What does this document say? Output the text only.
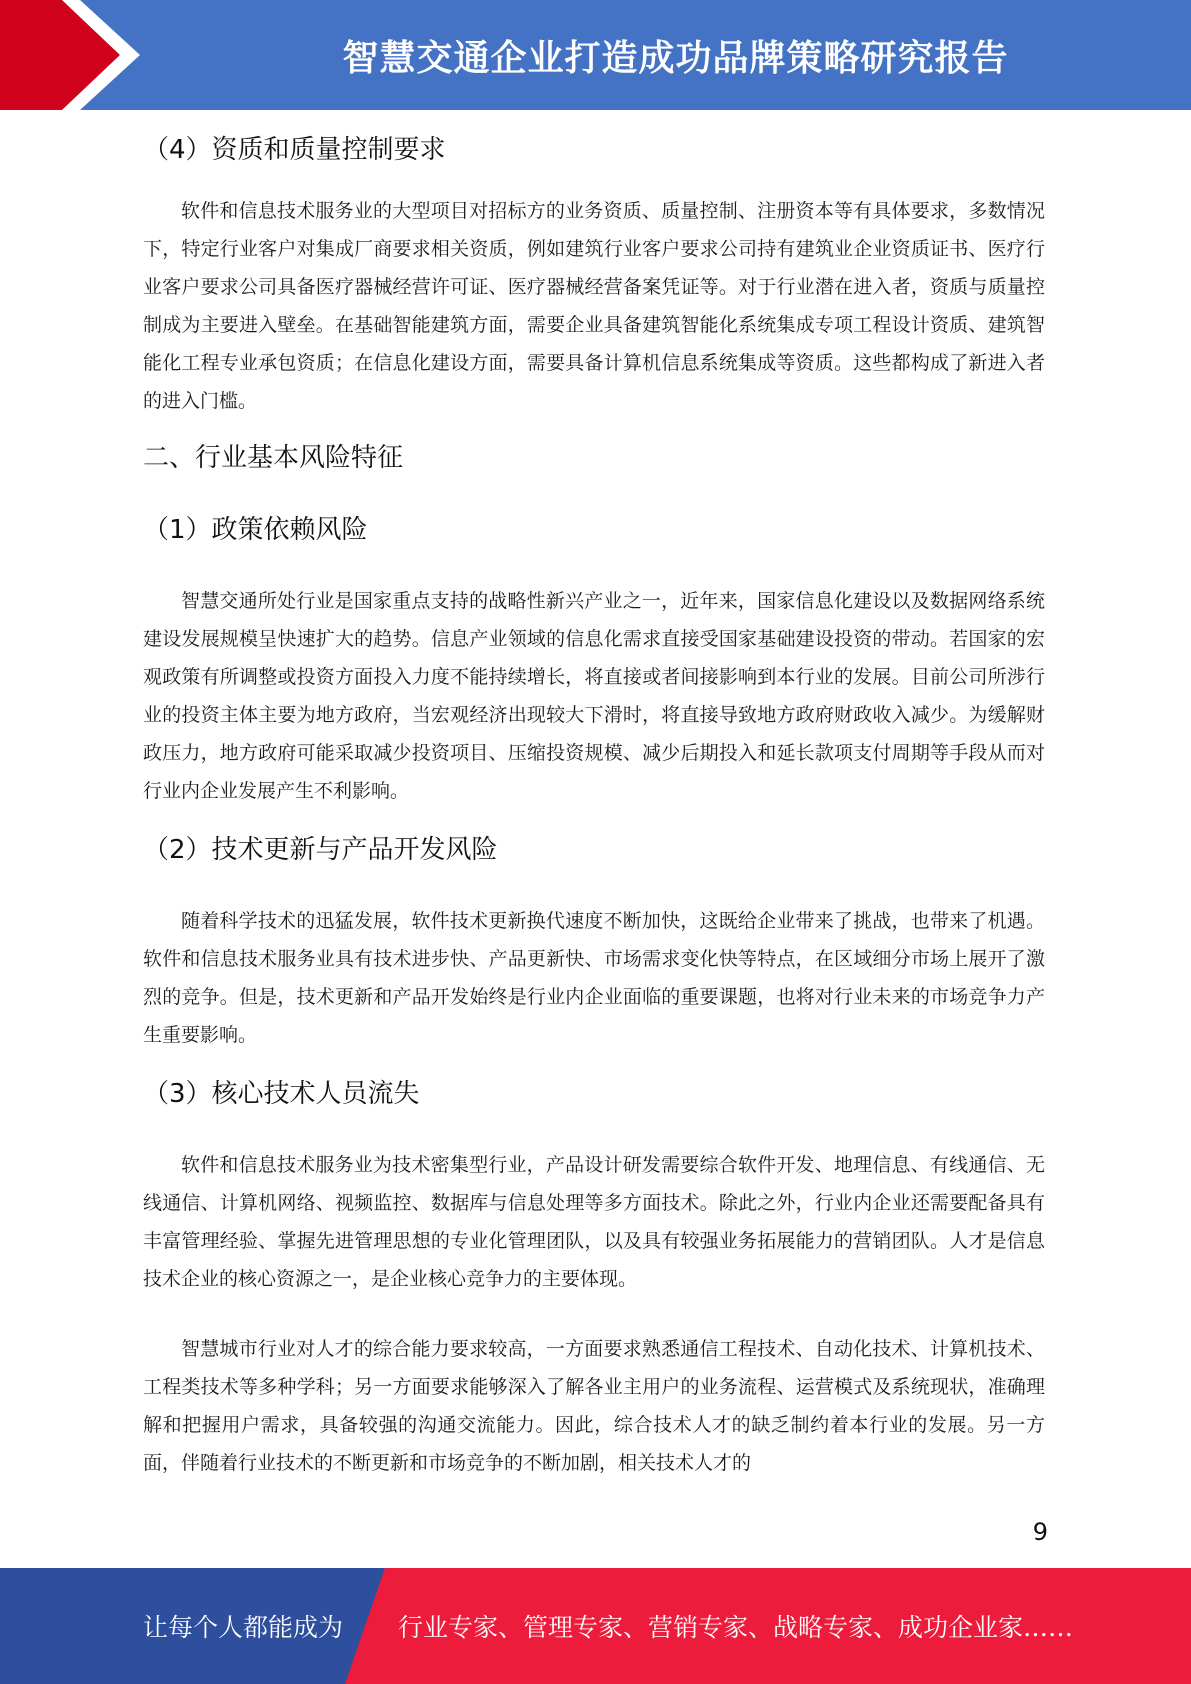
智慧交通企业打造成功品牌策略研究报告
（4）资质和质量控制要求

软件和信息技术服务业的大型项目对招标方的业务资质、质量控制、注册资本等有具体要求，多数情况下，特定行业客户对集成厂商要求相关资质，例如建筑行业客户要求公司持有建筑业企业资质证书、医疗行业客户要求公司具备医疗器械经营许可证、医疗器械经营备案凭证等。对于行业潜在进入者，资质与质量控制成为主要进入壁垒。在基础智能建筑方面，需要企业具备建筑智能化系统集成专项工程设计资质、建筑智能化工程专业承包资质；在信息化建设方面，需要具备计算机信息系统集成等资质。这些都构成了新进入者的进入门槛。

二、行业基本风险特征
（1）政策依赖风险

智慧交通所处行业是国家重点支持的战略性新兴产业之一，近年来，国家信息化建设以及数据网络系统建设发展规模呈快速扩大的趋势。信息产业领域的信息化需求直接受国家基础建设投资的带动。若国家的宏观政策有所调整或投资方面投入力度不能持续增长，将直接或者间接影响到本行业的发展。目前公司所涉行业的投资主体主要为地方政府，当宏观经济出现较大下滑时，将直接导致地方政府财政收入减少。为缓解财政压力，地方政府可能采取减少投资项目、压缩投资规模、减少后期投入和延长款项支付周期等手段从而对行业内企业发展产生不利影响。

（2）技术更新与产品开发风险

随着科学技术的迅猛发展，软件技术更新换代速度不断加快，这既给企业带来了挑战，也带来了机遇。软件和信息技术服务业具有技术进步快、产品更新快、市场需求变化快等特点，在区域细分市场上展开了激烈的竞争。但是，技术更新和产品开发始终是行业内企业面临的重要课题，也将对行业未来的市场竞争力产生重要影响。

（3）核心技术人员流失

软件和信息技术服务业为技术密集型行业，产品设计研发需要综合软件开发、地理信息、有线通信、无线通信、计算机网络、视频监控、数据库与信息处理等多方面技术。除此之外，行业内企业还需要配备具有丰富管理经验、掌握先进管理思想的专业化管理团队，以及具有较强业务拓展能力的营销团队。人才是信息技术企业的核心资源之一，是企业核心竞争力的主要体现。

智慧城市行业对人才的综合能力要求较高，一方面要求熟悉通信工程技术、自动化技术、计算机技术、工程类技术等多种学科；另一方面要求能够深入了解各业主用户的业务流程、运营模式及系统现状，准确理解和把握用户需求，具备较强的沟通交流能力。因此，综合技术人才的缺乏制约着本行业的发展。另一方面，伴随着行业技术的不断更新和市场竞争的不断加剧，相关技术人才的

9
让每个人都能成为 行业专家、管理专家、营销专家、战略专家、成功企业家……
